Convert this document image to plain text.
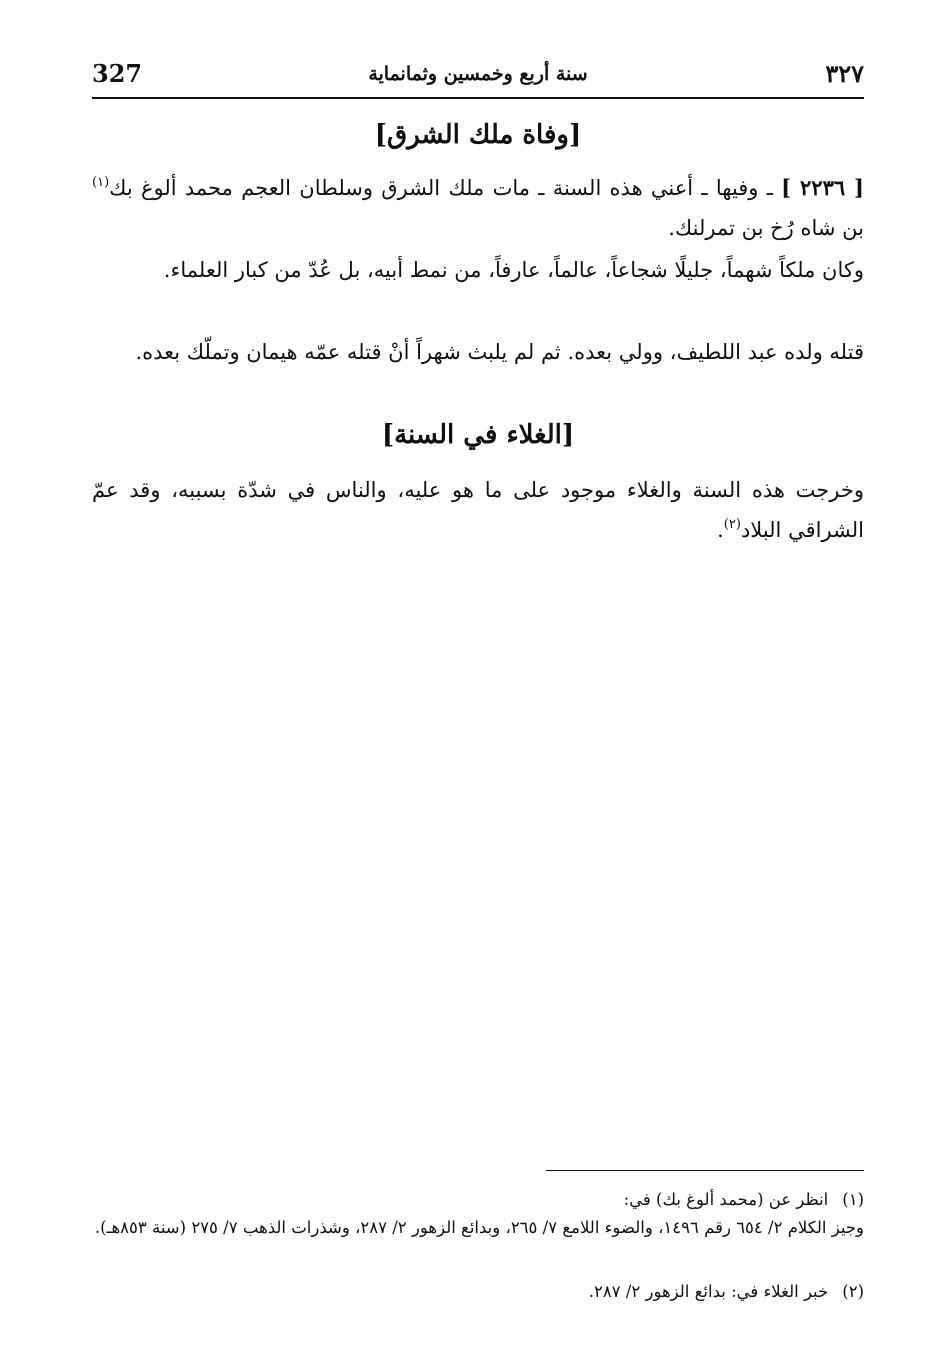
٣٢٧
سنة أربع وخمسين وثمانماية
327
[وفاة ملك الشرق]
[ ٢٢٣٦ ] ـ وفيها ـ أعني هذه السنة ـ مات ملك الشرق وسلطان العجم محمد ألوغ بك$^{(١)}$ بن شاه رُخ بن تمرلنك.
وكان ملكاً شهماً، جليلًا شجاعاً، عالماً، عارفاً، من نمط أبيه، بل عُدّ من كبار العلماء.
قتله ولده عبد اللطيف، وولي بعده. ثم لم يلبث شهراً أنْ قتله عمّه هيمان وتملّك بعده.
[الغلاء في السنة]
وخرجت هذه السنة والغلاء موجود على ما هو عليه، والناس في شدّة بسببه، وقد عمّ الشراقي البلاد$^{(٢)}$.
(١)انظر عن (محمد ألوغ بك) في:
وجيز الكلام ٢/ ٦٥٤ رقم ١٤٩٦، والضوء اللامع ٧/ ٢٦٥، وبدائع الزهور ٢/ ٢٨٧، وشذرات الذهب ٧/ ٢٧٥ (سنة ٨٥٣هـ).
(٢)خبر الغلاء في: بدائع الزهور ٢/ ٢٨٧.
